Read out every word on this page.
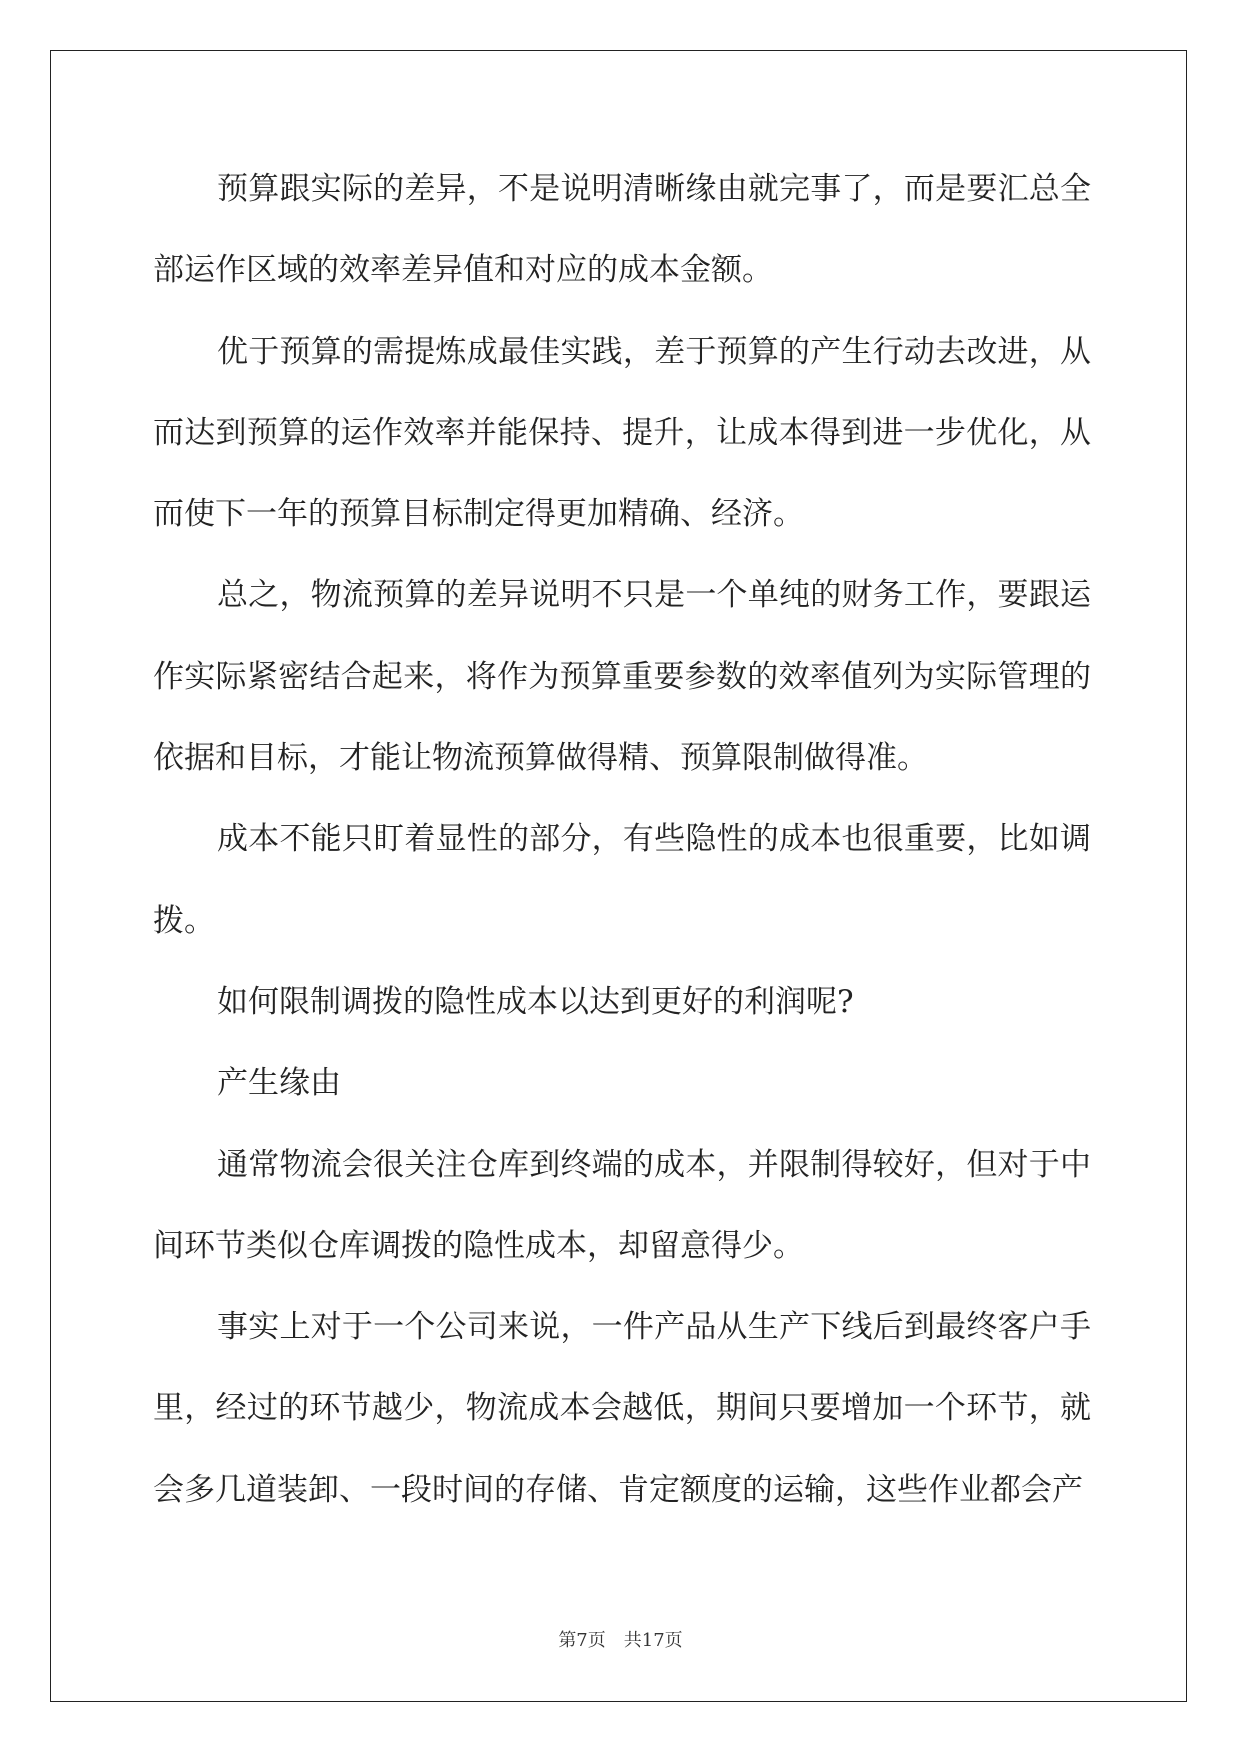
预算跟实际的差异，不是说明清晰缘由就完事了，而是要汇总全
部运作区域的效率差异值和对应的成本金额。
优于预算的需提炼成最佳实践，差于预算的产生行动去改进，从
而达到预算的运作效率并能保持、提升，让成本得到进一步优化，从
而使下一年的预算目标制定得更加精确、经济。
总之，物流预算的差异说明不只是一个单纯的财务工作，要跟运
作实际紧密结合起来，将作为预算重要参数的效率值列为实际管理的
依据和目标，才能让物流预算做得精、预算限制做得准。
成本不能只盯着显性的部分，有些隐性的成本也很重要，比如调
拨。
如何限制调拨的隐性成本以达到更好的利润呢?
产生缘由
通常物流会很关注仓库到终端的成本，并限制得较好，但对于中
间环节类似仓库调拨的隐性成本，却留意得少。
事实上对于一个公司来说，一件产品从生产下线后到最终客户手
里，经过的环节越少，物流成本会越低，期间只要增加一个环节，就
会多几道装卸、一段时间的存储、肯定额度的运输，这些作业都会产
第7页　共17页
